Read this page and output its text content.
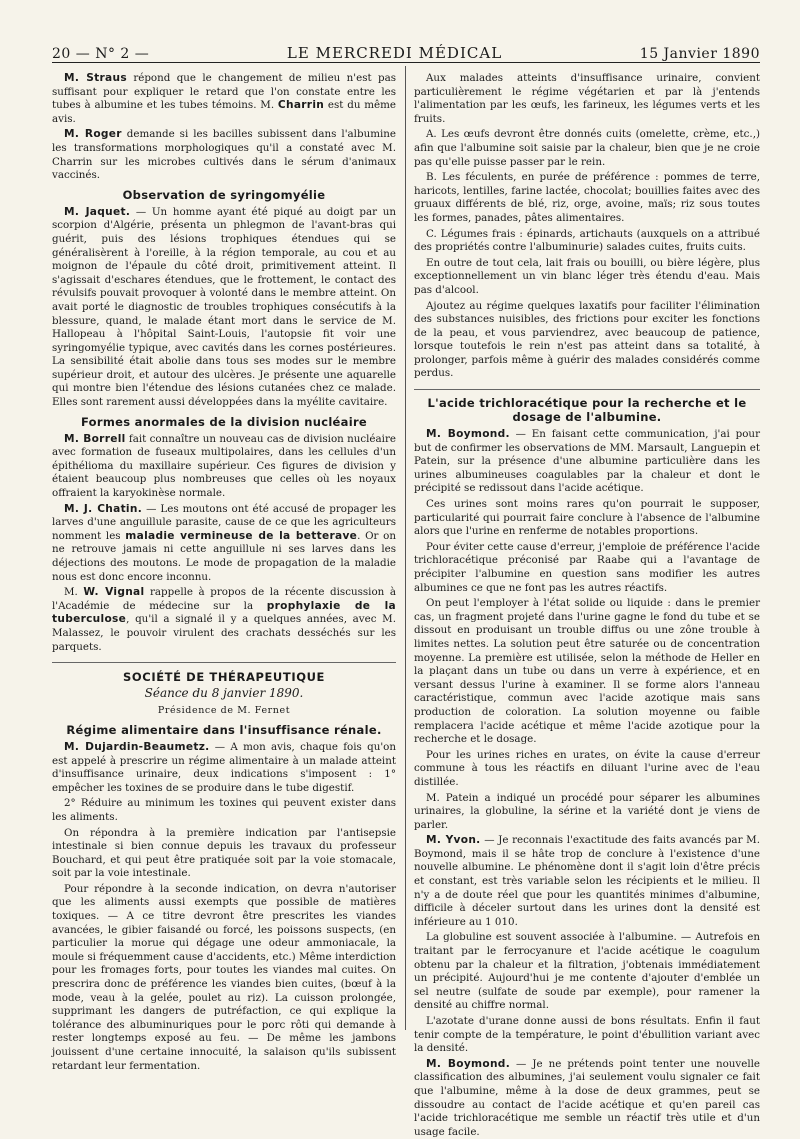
20 — N° 2 —	LE MERCREDI MÉDICAL	15 Janvier 1890

M. Straus répond que le changement de milieu n'est pas suffisant pour expliquer le retard que l'on constate entre les tubes à albumine et les tubes témoins. M. Charrin est du même avis.

M. Roger demande si les bacilles subissent dans l'albumine les transformations morphologiques qu'il a constaté avec M. Charrin sur les microbes cultivés dans le sérum d'animaux vaccinés.

Observation de syringomyélie

M. Jaquet. — Un homme ayant été piqué au doigt par un scorpion d'Algérie, présenta un phlegmon de l'avant-bras qui guérit, puis des lésions trophiques étendues qui se généralisèrent à l'oreille, à la région temporale, au cou et au moignon de l'épaule du côté droit, primitivement atteint. Il s'agissait d'eschares étendues, que le frottement, le contact des révulsifs pouvait provoquer à volonté dans le membre atteint. On avait porté le diagnostic de troubles trophiques consécutifs à la blessure, quand, le malade étant mort dans le service de M. Hallopeau à l'hôpital Saint-Louis, l'autopsie fit voir une syringomyélie typique, avec cavités dans les cornes postérieures. La sensibilité était abolie dans tous ses modes sur le membre supérieur droit, et autour des ulcères. Je présente une aquarelle qui montre bien l'étendue des lésions cutanées chez ce malade. Elles sont rarement aussi développées dans la myélite cavitaire.

Formes anormales de la division nucléaire

M. Borrell fait connaître un nouveau cas de division nucléaire avec formation de fuseaux multipolaires, dans les cellules d'un épithélioma du maxillaire supérieur. Ces figures de division y étaient beaucoup plus nombreuses que celles où les noyaux offraient la karyokinèse normale.

M. J. Chatin. — Les moutons ont été accusé de propager les larves d'une anguillule parasite, cause de ce que les agriculteurs nomment les maladie vermineuse de la betterave. Or on ne retrouve jamais ni cette anguillule ni ses larves dans les déjections des moutons. Le mode de propagation de la maladie nous est donc encore inconnu.

M. W. Vignal rappelle à propos de la récente discussion à l'Académie de médecine sur la prophylaxie de la tuberculose, qu'il a signalé il y a quelques années, avec M. Malassez, le pouvoir virulent des crachats desséchés sur les parquets.

SOCIÉTÉ DE THÉRAPEUTIQUE
Séance du 8 janvier 1890.
Présidence de M. Fernet
Régime alimentaire dans l'insuffisance rénale.

M. Dujardin-Beaumetz. — A mon avis, chaque fois qu'on est appelé à prescrire un régime alimentaire à un malade atteint d'insuffisance urinaire, deux indications s'imposent : 1° empêcher les toxines de se produire dans le tube digestif.

2° Réduire au minimum les toxines qui peuvent exister dans les aliments.

On répondra à la première indication par l'antisepsie intestinale si bien connue depuis les travaux du professeur Bouchard, et qui peut être pratiquée soit par la voie stomacale, soit par la voie intestinale.

Pour répondre à la seconde indication, on devra n'autoriser que les aliments aussi exempts que possible de matières toxiques. — A ce titre devront être prescrites les viandes avancées, le gibier faisandé ou forcé, les poissons suspects, (en particulier la morue qui dégage une odeur ammoniacale, la moule si fréquemment cause d'accidents, etc.) Même interdiction pour les fromages forts, pour toutes les viandes mal cuites. On prescrira donc de préférence les viandes bien cuites, (bœuf à la mode, veau à la gelée, poulet au riz). La cuisson prolongée, supprimant les dangers de putréfaction, ce qui explique la tolérance des albuminuriques pour le porc rôti qui demande à rester longtemps exposé au feu. — De même les jambons jouissent d'une certaine innocuité, la salaison qu'ils subissent retardant leur fermentation.

Aux malades atteints d'insuffisance urinaire, convient particulièrement le régime végétarien et par là j'entends l'alimentation par les œufs, les farineux, les légumes verts et les fruits.

A. Les œufs devront être donnés cuits (omelette, crème, etc.,) afin que l'albumine soit saisie par la chaleur, bien que je ne croie pas qu'elle puisse passer par le rein.

B. Les féculents, en purée de préférence : pommes de terre, haricots, lentilles, farine lactée, chocolat; bouillies faites avec des gruaux différents de blé, riz, orge, avoine, maïs; riz sous toutes les formes, panades, pâtes alimentaires.

C. Légumes frais : épinards, artichauts (auxquels on a attribué des propriétés contre l'albuminurie) salades cuites, fruits cuits.

En outre de tout cela, lait frais ou bouilli, ou bière légère, plus exceptionnellement un vin blanc léger très étendu d'eau. Mais pas d'alcool.

Ajoutez au régime quelques laxatifs pour faciliter l'élimination des substances nuisibles, des frictions pour exciter les fonctions de la peau, et vous parviendrez, avec beaucoup de patience, lorsque toutefois le rein n'est pas atteint dans sa totalité, à prolonger, parfois même à guérir des malades considérés comme perdus.

L'acide trichloracétique pour la recherche et le dosage de l'albumine.

M. Boymond. — En faisant cette communication, j'ai pour but de confirmer les observations de MM. Marsault, Languepin et Patein, sur la présence d'une albumine particulière dans les urines albumineuses coagulables par la chaleur et dont le précipité se redissout dans l'acide acétique.

Ces urines sont moins rares qu'on pourrait le supposer, particularité qui pourrait faire conclure à l'absence de l'albumine alors que l'urine en renferme de notables proportions.

Pour éviter cette cause d'erreur, j'emploie de préférence l'acide trichloracétique préconisé par Raabe qui a l'avantage de précipiter l'albumine en question sans modifier les autres albumines ce que ne font pas les autres réactifs.

On peut l'employer à l'état solide ou liquide : dans le premier cas, un fragment projeté dans l'urine gagne le fond du tube et se dissout en produisant un trouble diffus ou une zône trouble à limites nettes. La solution peut être saturée ou de concentration moyenne. La première est utilisée, selon la méthode de Heller en la plaçant dans un tube ou dans un verre à expérience, et en versant dessus l'urine à examiner. Il se forme alors l'anneau caractéristique, commun avec l'acide azotique mais sans production de coloration. La solution moyenne ou faible remplacera l'acide acétique et même l'acide azotique pour la recherche et le dosage.

Pour les urines riches en urates, on évite la cause d'erreur commune à tous les réactifs en diluant l'urine avec de l'eau distillée.

M. Patein a indiqué un procédé pour séparer les albumines urinaires, la globuline, la sérine et la variété dont je viens de parler.

M. Yvon. — Je reconnais l'exactitude des faits avancés par M. Boymond, mais il se hâte trop de conclure à l'existence d'une nouvelle albumine. Le phénomène dont il s'agit loin d'être précis et constant, est très variable selon les récipients et le milieu. Il n'y a de doute réel que pour les quantités minimes d'albumine, difficile à déceler surtout dans les urines dont la densité est inférieure au 1 010.

La globuline est souvent associée à l'albumine. — Autrefois en traitant par le ferrocyanure et l'acide acétique le coagulum obtenu par la chaleur et la filtration, j'obtenais immédiatement un précipité. Aujourd'hui je me contente d'ajouter d'emblée un sel neutre (sulfate de soude par exemple), pour ramener la densité au chiffre normal.

L'azotate d'urane donne aussi de bons résultats. Enfin il faut tenir compte de la température, le point d'ébullition variant avec la densité.

M. Boymond. — Je ne prétends point tenter une nouvelle classification des albumines, j'ai seulement voulu signaler ce fait que l'albumine, même à la dose de deux grammes, peut se dissoudre au contact de l'acide acétique et qu'en pareil cas l'acide trichloracétique me semble un réactif très utile et d'un usage facile.
